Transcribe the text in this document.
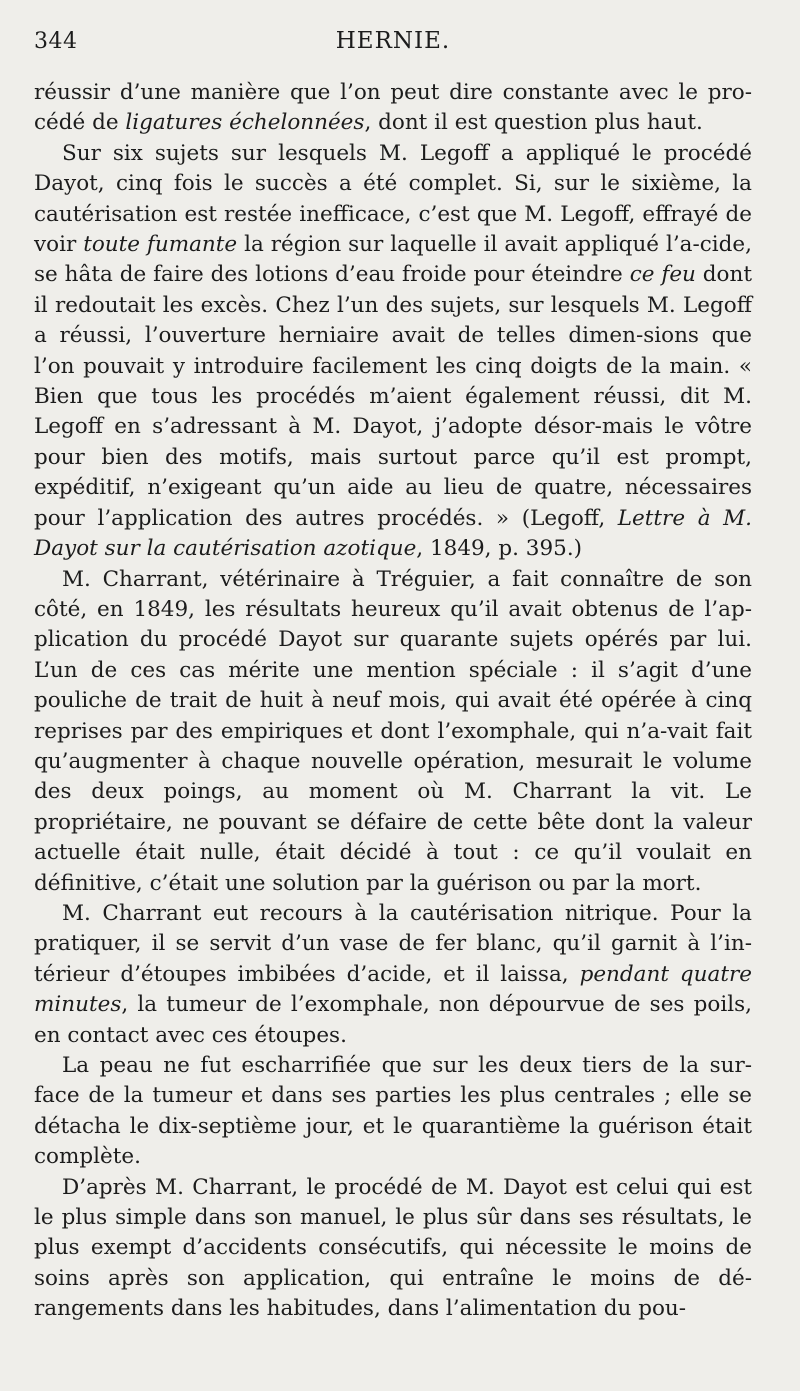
344	HERNIE.

réussir d’une manière que l’on peut dire constante avec le pro-cédé de ligatures échelonnées, dont il est question plus haut.

Sur six sujets sur lesquels M. Legoff a appliqué le procédé Dayot, cinq fois le succès a été complet. Si, sur le sixième, la cautérisation est restée inefficace, c’est que M. Legoff, effrayé de voir toute fumante la région sur laquelle il avait appliqué l’a-cide, se hâta de faire des lotions d’eau froide pour éteindre ce feu dont il redoutait les excès. Chez l’un des sujets, sur lesquels M. Legoff a réussi, l’ouverture herniaire avait de telles dimen-sions que l’on pouvait y introduire facilement les cinq doigts de la main. « Bien que tous les procédés m’aient également réussi, dit M. Legoff en s’adressant à M. Dayot, j’adopte désor-mais le vôtre pour bien des motifs, mais surtout parce qu’il est prompt, expéditif, n’exigeant qu’un aide au lieu de quatre, nécessaires pour l’application des autres procédés. » (Legoff, Lettre à M. Dayot sur la cautérisation azotique, 1849, p. 395.)

M. Charrant, vétérinaire à Tréguier, a fait connaître de son côté, en 1849, les résultats heureux qu’il avait obtenus de l’ap-plication du procédé Dayot sur quarante sujets opérés par lui. L’un de ces cas mérite une mention spéciale : il s’agit d’une pouliche de trait de huit à neuf mois, qui avait été opérée à cinq reprises par des empiriques et dont l’exomphale, qui n’a-vait fait qu’augmenter à chaque nouvelle opération, mesurait le volume des deux poings, au moment où M. Charrant la vit. Le propriétaire, ne pouvant se défaire de cette bête dont la valeur actuelle était nulle, était décidé à tout : ce qu’il voulait en définitive, c’était une solution par la guérison ou par la mort.

M. Charrant eut recours à la cautérisation nitrique. Pour la pratiquer, il se servit d’un vase de fer blanc, qu’il garnit à l’in-térieur d’étoupes imbibées d’acide, et il laissa, pendant quatre minutes, la tumeur de l’exomphale, non dépourvue de ses poils, en contact avec ces étoupes.

La peau ne fut escharrifiée que sur les deux tiers de la sur-face de la tumeur et dans ses parties les plus centrales ; elle se détacha le dix-septième jour, et le quarantième la guérison était complète.

D’après M. Charrant, le procédé de M. Dayot est celui qui est le plus simple dans son manuel, le plus sûr dans ses résultats, le plus exempt d’accidents consécutifs, qui nécessite le moins de soins après son application, qui entraîne le moins de dé-rangements dans les habitudes, dans l’alimentation du pou-
